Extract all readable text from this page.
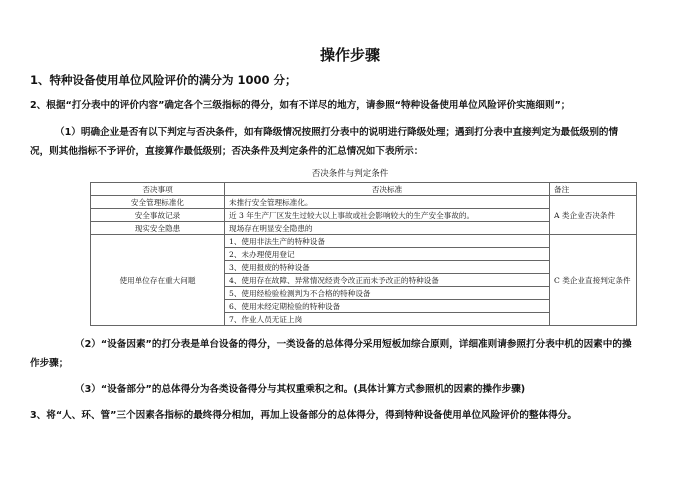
操作步骤
1、特种设备使用单位风险评价的满分为 1000 分；
2、根据“打分表中的评价内容”确定各个三级指标的得分，如有不详尽的地方，请参照“特种设备使用单位风险评价实施细则”；
（1）明确企业是否有以下判定与否决条件，如有降级情况按照打分表中的说明进行降级处理；遇到打分表中直接判定为最低级别的情
况，则其他指标不予评价，直接算作最低级别；否决条件及判定条件的汇总情况如下表所示：
否决条件与判定条件
否决事项	否决标准	备注
安全管理标准化	未推行安全管理标准化。	A 类企业否决条件
安全事故记录	近 3 年生产厂区发生过较大以上事故或社会影响较大的生产安全事故的。	
现实安全隐患	现场存在明显安全隐患的	
使用单位存在重大问题	1、使用非法生产的特种设备	C 类企业直接判定条件
	2、未办理使用登记	
	3、使用报废的特种设备	
	4、使用存在故障、异常情况经责令改正而未予改正的特种设备	
	5、使用经检验检测判为不合格的特种设备	
	6、使用未经定期检验的特种设备	
	7、作业人员无证上岗	
（2）“设备因素”的打分表是单台设备的得分，一类设备的总体得分采用短板加综合原则，详细准则请参照打分表中机的因素中的操
作步骤；
（3）“设备部分”的总体得分为各类设备得分与其权重乘积之和。(具体计算方式参照机的因素的操作步骤)
3、将“人、环、管”三个因素各指标的最终得分相加，再加上设备部分的总体得分，得到特种设备使用单位风险评价的整体得分。
